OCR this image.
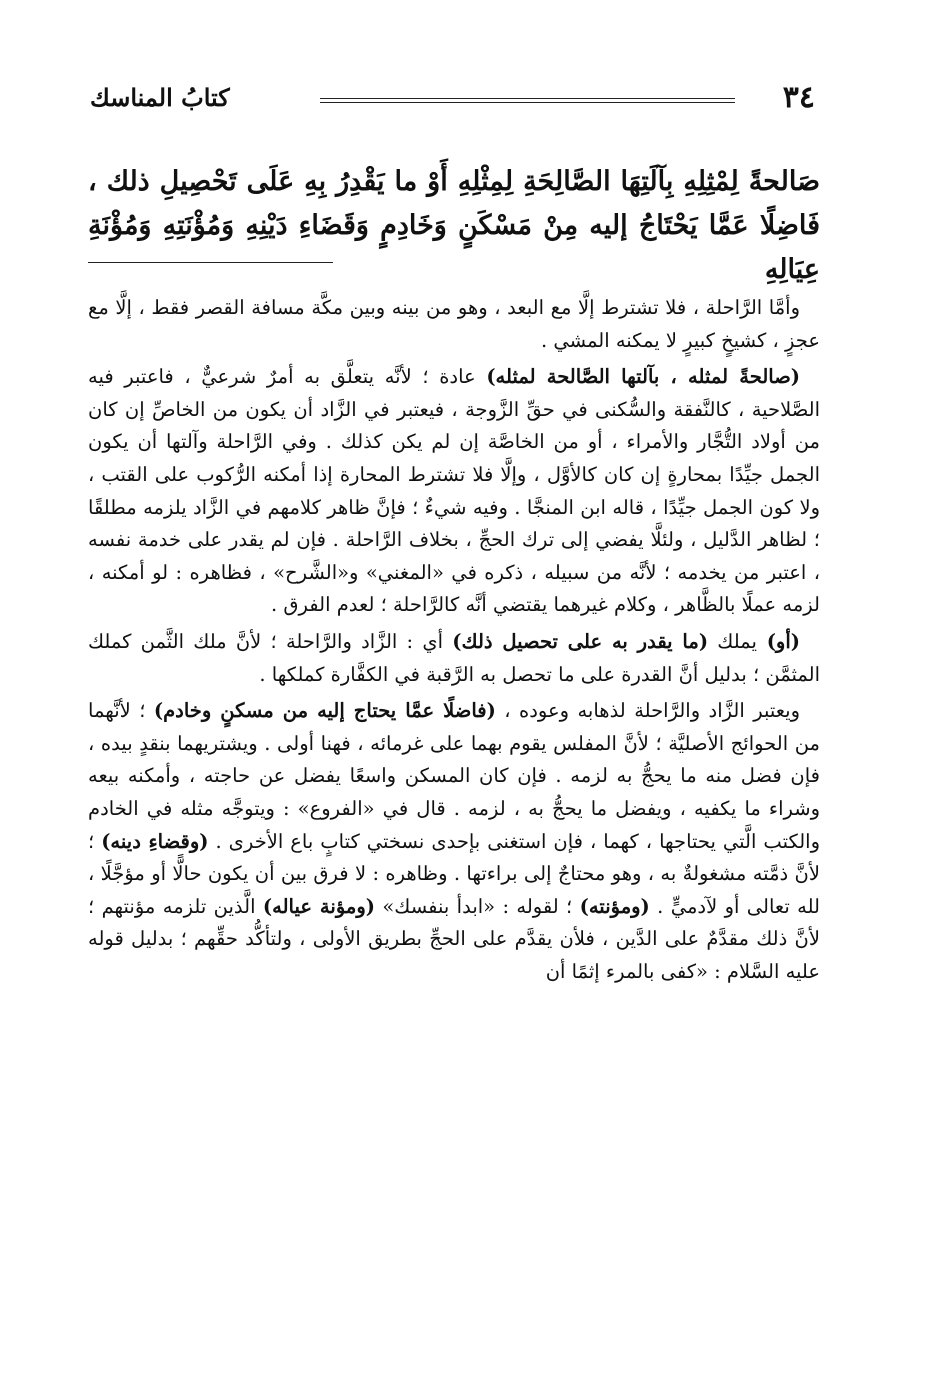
٣٤
كتابُ المناسك
صَالحةً لِمْثِلِهِ بِآلَتِهَا الصَّالِحَةِ لِمِثْلِهِ أَوْ ما يَقْدِرُ بِهِ عَلَى تَحْصِيلِ ذلك ، فَاضِلًا عَمَّا يَحْتَاجُ إليه مِنْ مَسْكَنٍ وَخَادِمٍ وَقَضَاءِ دَيْنِهِ وَمُؤْنَتِهِ وَمُؤْنَةِ عِيَالِهِ

وأمَّا الرَّاحلة ، فلا تشترط إلَّا مع البعد ، وهو من بينه وبين مكَّة مسافة القصر فقط ، إلَّا مع عجزٍ ، كشيخٍ كبيرٍ لا يمكنه المشي .

(صالحةً لمثله ، بآلتها الصَّالحة لمثله) عادة ؛ لأنَّه يتعلَّق به أمرٌ شرعيٌّ ، فاعتبر فيه الصَّلاحية ، كالنَّفقة والسُّكنى في حقِّ الزَّوجة ، فيعتبر في الزَّاد أن يكون من الخاصِّ إن كان من أولاد التُّجَّار والأمراء ، أو من الخاصَّة إن لم يكن كذلك . وفي الرَّاحلة وآلتها أن يكون الجمل جيِّدًا بمحارةٍ إن كان كالأوَّل ، وإلَّا فلا تشترط المحارة إذا أمكنه الرُّكوب على القتب ، ولا كون الجمل جيِّدًا ، قاله ابن المنجَّا . وفيه شيءٌ ؛ فإنَّ ظاهر كلامهم في الزَّاد يلزمه مطلقًا ؛ لظاهر الدَّليل ، ولئلَّا يفضي إلى ترك الحجِّ ، بخلاف الرَّاحلة . فإن لم يقدر على خدمة نفسه ، اعتبر من يخدمه ؛ لأنَّه من سبيله ، ذكره في «المغني» و«الشَّرح» ، فظاهره : لو أمكنه ، لزمه عملًا بالظَّاهر ، وكلام غيرهما يقتضي أنَّه كالرَّاحلة ؛ لعدم الفرق .

(أو) يملك (ما يقدر به على تحصيل ذلك) أي : الزَّاد والرَّاحلة ؛ لأنَّ ملك الثَّمن كملك المثمَّن ؛ بدليل أنَّ القدرة على ما تحصل به الرَّقبة في الكفَّارة كملكها .

ويعتبر الزَّاد والرَّاحلة لذهابه وعوده ، (فاضلًا عمَّا يحتاج إليه من مسكنٍ وخادم) ؛ لأنَّهما من الحوائج الأصليَّة ؛ لأنَّ المفلس يقوم بهما على غرمائه ، فهنا أولى . ويشتريهما بنقدٍ بيده ، فإن فضل منه ما يحجُّ به لزمه . فإن كان المسكن واسعًا يفضل عن حاجته ، وأمكنه بيعه وشراء ما يكفيه ، ويفضل ما يحجُّ به ، لزمه . قال في «الفروع» : ويتوجَّه مثله في الخادم والكتب الَّتي يحتاجها ، كهما ، فإن استغنى بإحدى نسختي كتابٍ باع الأخرى . (وقضاءِ دينه) ؛ لأنَّ ذمَّته مشغولةٌ به ، وهو محتاجٌ إلى براءتها . وظاهره : لا فرق بين أن يكون حالًّا أو مؤجَّلًا ، لله تعالى أو لآدميٍّ . (ومؤنته) ؛ لقوله : «ابدأ بنفسك» (ومؤنة عياله) الَّذين تلزمه مؤنتهم ؛ لأنَّ ذلك مقدَّمٌ على الدَّين ، فلأن يقدَّم على الحجِّ بطريق الأولى ، ولتأكُّد حقِّهم ؛ بدليل قوله عليه السَّلام : «كفى بالمرء إثمًا أن
